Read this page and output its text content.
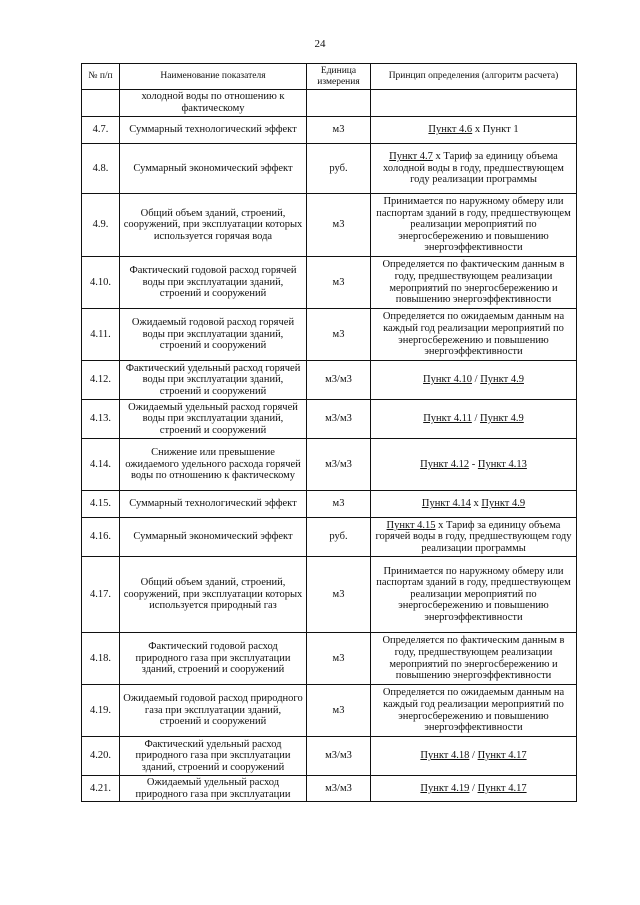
24
№ п/п	Наименование показателя	Единица измерения	Принцип определения (алгоритм расчета)
	холодной воды по отношению к фактическому		
4.7.	Суммарный технологический эффект	м3	Пункт 4.6 x Пункт 1
4.8.	Суммарный экономический эффект	руб.	Пункт 4.7 x Тариф за единицу объема холодной воды в году, предшествующем году реализации программы
4.9.	Общий объем зданий, строений, сооружений, при эксплуатации которых используется горячая вода	м3	Принимается по наружному обмеру или паспортам зданий в году, предшествующем реализации мероприятий по энергосбережению и повышению энергоэффективности
4.10.	Фактический годовой расход горячей воды при эксплуатации зданий, строений и сооружений	м3	Определяется по фактическим данным в году, предшествующем реализации мероприятий по энергосбережению и повышению энергоэффективности
4.11.	Ожидаемый годовой расход горячей воды при эксплуатации зданий, строений и сооружений	м3	Определяется по ожидаемым данным на каждый год реализации мероприятий по энергосбережению и повышению энергоэффективности
4.12.	Фактический удельный расход горячей воды при эксплуатации зданий, строений и сооружений	м3/м3	Пункт 4.10 / Пункт 4.9
4.13.	Ожидаемый удельный расход горячей воды при эксплуатации зданий, строений и сооружений	м3/м3	Пункт 4.11 / Пункт 4.9
4.14.	Снижение или превышение ожидаемого удельного расхода горячей воды по отношению к фактическому	м3/м3	Пункт 4.12 - Пункт 4.13
4.15.	Суммарный технологический эффект	м3	Пункт 4.14 x Пункт 4.9
4.16.	Суммарный экономический эффект	руб.	Пункт 4.15 x Тариф за единицу объема горячей воды в году, предшествующем году реализации программы
4.17.	Общий объем зданий, строений, сооружений, при эксплуатации которых используется природный газ	м3	Принимается по наружному обмеру или паспортам зданий в году, предшествующем реализации мероприятий по энергосбережению и повышению энергоэффективности
4.18.	Фактический годовой расход природного газа при эксплуатации зданий, строений и сооружений	м3	Определяется по фактическим данным в году, предшествующем реализации мероприятий по энергосбережению и повышению энергоэффективности
4.19.	Ожидаемый годовой расход природного газа при эксплуатации зданий, строений и сооружений	м3	Определяется по ожидаемым данным на каждый год реализации мероприятий по энергосбережению и повышению энергоэффективности
4.20.	Фактический удельный расход природного газа при эксплуатации зданий, строений и сооружений	м3/м3	Пункт 4.18 / Пункт 4.17
4.21.	Ожидаемый удельный расход природного газа при эксплуатации	м3/м3	Пункт 4.19 / Пункт 4.17
